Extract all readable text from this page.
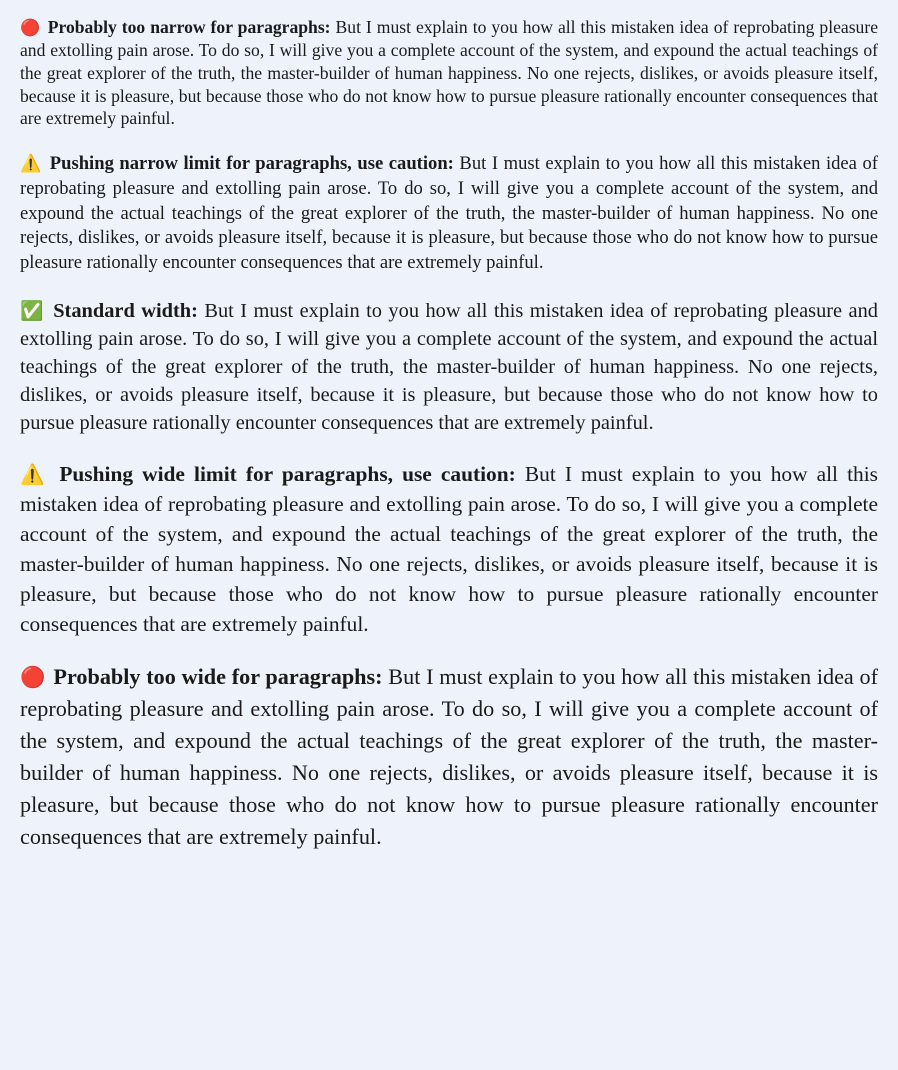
🔴 Probably too narrow for paragraphs: But I must explain to you how all this mistaken idea of reprobating pleasure and extolling pain arose. To do so, I will give you a complete account of the system, and expound the actual teachings of the great explorer of the truth, the master-builder of human happiness. No one rejects, dislikes, or avoids pleasure itself, because it is pleasure, but because those who do not know how to pursue pleasure rationally encounter consequences that are extremely painful.

⚠️ Pushing narrow limit for paragraphs, use caution: But I must explain to you how all this mistaken idea of reprobating pleasure and extolling pain arose. To do so, I will give you a complete account of the system, and expound the actual teachings of the great explorer of the truth, the master-builder of human happiness. No one rejects, dislikes, or avoids pleasure itself, because it is pleasure, but because those who do not know how to pursue pleasure rationally encounter consequences that are extremely painful.

✅ Standard width: But I must explain to you how all this mistaken idea of reprobating pleasure and extolling pain arose. To do so, I will give you a complete account of the system, and expound the actual teachings of the great explorer of the truth, the master-builder of human happiness. No one rejects, dislikes, or avoids pleasure itself, because it is pleasure, but because those who do not know how to pursue pleasure rationally encounter consequences that are extremely painful.

⚠️ Pushing wide limit for paragraphs, use caution: But I must explain to you how all this mistaken idea of reprobating pleasure and extolling pain arose. To do so, I will give you a complete account of the system, and expound the actual teachings of the great explorer of the truth, the master-builder of human happiness. No one rejects, dislikes, or avoids pleasure itself, because it is pleasure, but because those who do not know how to pursue pleasure rationally encounter consequences that are extremely painful.

🔴 Probably too wide for paragraphs: But I must explain to you how all this mistaken idea of reprobating pleasure and extolling pain arose. To do so, I will give you a complete account of the system, and expound the actual teachings of the great explorer of the truth, the master-builder of human happiness. No one rejects, dislikes, or avoids pleasure itself, because it is pleasure, but because those who do not know how to pursue pleasure rationally encounter consequences that are extremely painful.
